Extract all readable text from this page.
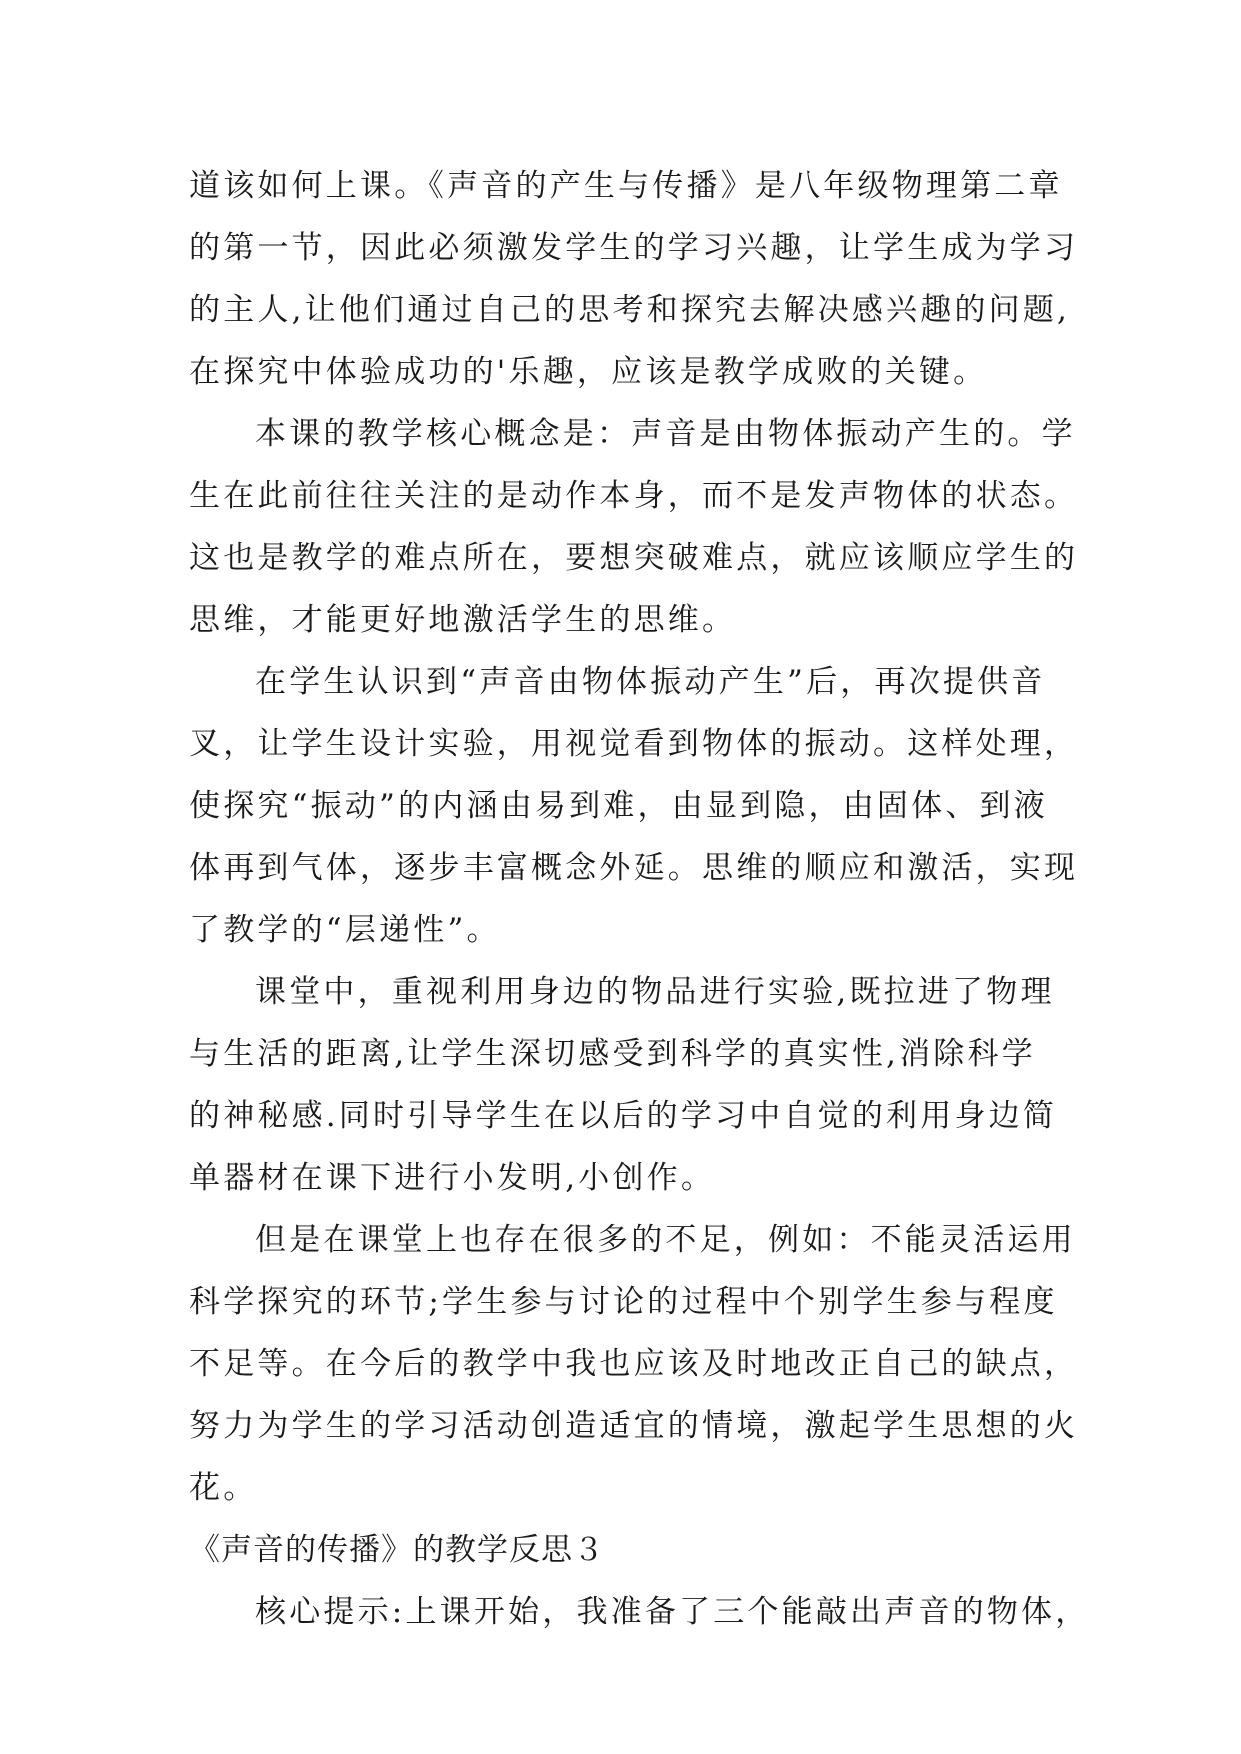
道该如何上课。《声音的产生与传播》是八年级物理第二章
的第一节，因此必须激发学生的学习兴趣，让学生成为学习
的主人,让他们通过自己的思考和探究去解决感兴趣的问题,
在探究中体验成功的'乐趣，应该是教学成败的关键。
本课的教学核心概念是：声音是由物体振动产生的。学
生在此前往往关注的是动作本身，而不是发声物体的状态。
这也是教学的难点所在，要想突破难点，就应该顺应学生的
思维，才能更好地激活学生的思维。
在学生认识到“声音由物体振动产生”后，再次提供音
叉，让学生设计实验，用视觉看到物体的振动。这样处理，
使探究“振动”的内涵由易到难，由显到隐，由固体、到液
体再到气体，逐步丰富概念外延。思维的顺应和激活，实现
了教学的“层递性”。
课堂中，重视利用身边的物品进行实验,既拉进了物理
与生活的距离,让学生深切感受到科学的真实性,消除科学
的神秘感.同时引导学生在以后的学习中自觉的利用身边简
单器材在课下进行小发明,小创作。
但是在课堂上也存在很多的不足，例如：不能灵活运用
科学探究的环节;学生参与讨论的过程中个别学生参与程度
不足等。在今后的教学中我也应该及时地改正自己的缺点，
努力为学生的学习活动创造适宜的情境，激起学生思想的火
花。
《声音的传播》的教学反思３
核心提示:上课开始，我准备了三个能敲出声音的物体，
